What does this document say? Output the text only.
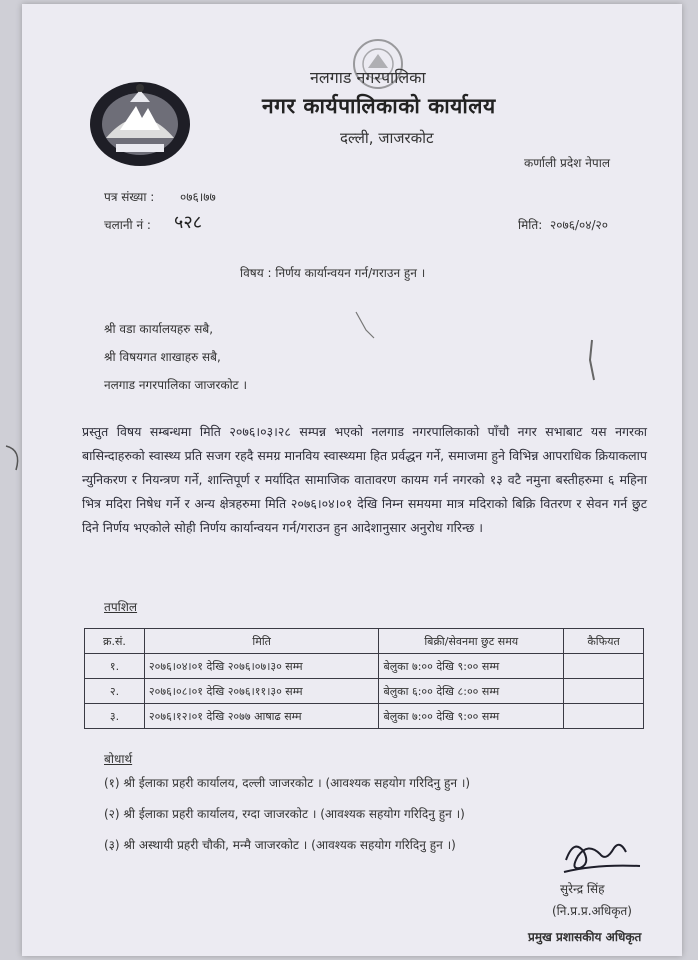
नलगाड नगरपालिका
नगर कार्यपालिकाको कार्यालय
दल्ली, जाजरकोट
कर्णाली प्रदेश नेपाल
पत्र संख्या : ०७६।७७
चलानी नं : ५२८	मिति: २०७६/०४/२०
विषय : निर्णय कार्यान्वयन गर्न/गराउन हुन ।
श्री वडा कार्यालयहरु सबै,
श्री विषयगत शाखाहरु सबै,
नलगाड नगरपालिका जाजरकोट ।
प्रस्तुत विषय सम्बन्धमा मिति २०७६।०३।२८ सम्पन्न भएको नलगाड नगरपालिकाको पाँचौ नगर सभाबाट यस नगरका बासिन्दाहरुको स्वास्थ्य प्रति सजग रहदै समग्र मानविय स्वास्थ्यमा हित प्रर्वद्धन गर्ने, समाजमा हुने विभिन्न आपराधिक क्रियाकलाप न्युनिकरण र नियन्त्रण गर्ने, शान्तिपूर्ण र मर्यादित सामाजिक वातावरण कायम गर्न नगरको १३ वटै नमुना बस्तीहरुमा ६ महिना भित्र मदिरा निषेध गर्ने र अन्य क्षेत्रहरुमा मिति २०७६।०४।०१ देखि निम्न समयमा मात्र मदिराको बिक्रि वितरण र सेवन गर्न छुट दिने निर्णय भएकोले सोही निर्णय कार्यान्वयन गर्न/गराउन हुन आदेशानुसार अनुरोध गरिन्छ ।
तपशिल
क्र.सं.	मिति	बिक्री/सेवनमा छुट समय	कैफियत
१.	२०७६।०४।०१ देखि २०७६।०७।३० सम्म	बेलुका ७:०० देखि ९:०० सम्म	
२.	२०७६।०८।०१ देखि २०७६।११।३० सम्म	बेलुका ६:०० देखि ८:०० सम्म	
३.	२०७६।१२।०१ देखि २०७७ आषाढ सम्म	बेलुका ७:०० देखि ९:०० सम्म	
बोधार्थ
(१) श्री ईलाका प्रहरी कार्यालय, दल्ली जाजरकोट । (आवश्यक सहयोग गरिदिनु हुन ।)
(२) श्री ईलाका प्रहरी कार्यालय, रग्दा जाजरकोट । (आवश्यक सहयोग गरिदिनु हुन ।)
(३) श्री अस्थायी प्रहरी चौकी, मन्मै जाजरकोट । (आवश्यक सहयोग गरिदिनु हुन ।)
सुरेन्द्र सिंह
(नि.प्र.प्र.अधिकृत)
प्रमुख प्रशासकीय अधिकृत
